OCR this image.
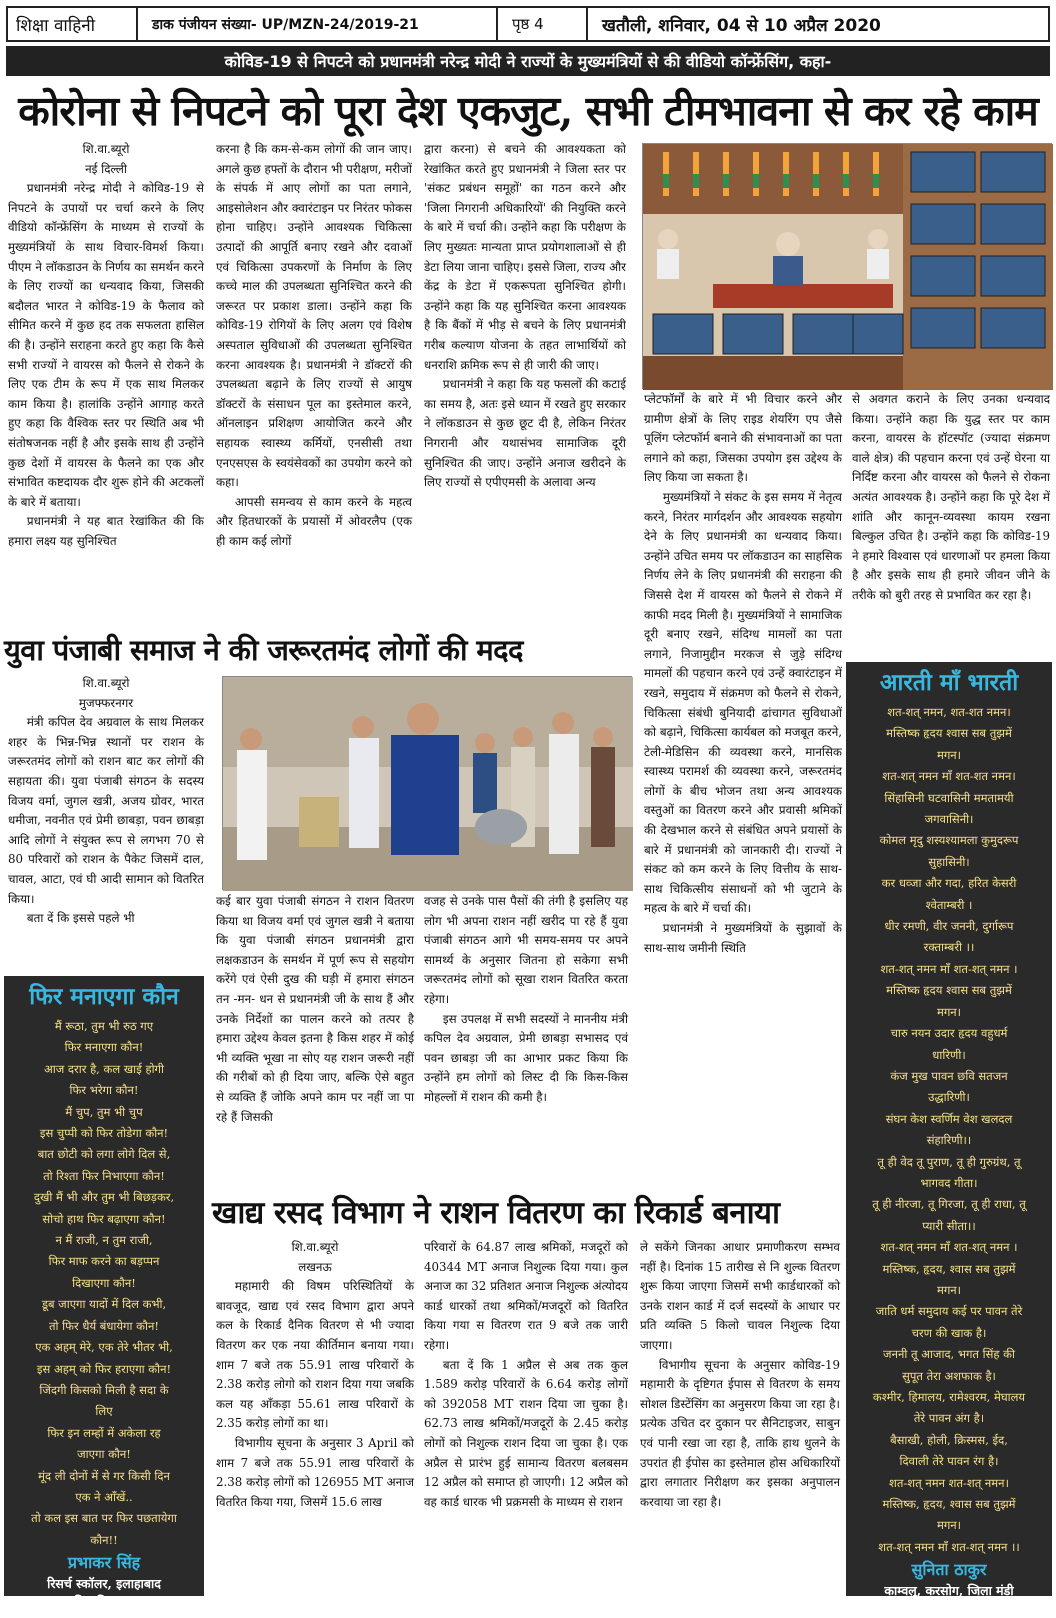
शिक्षा वाहिनी	डाक पंजीयन संख्या- UP/MZN-24/2019-21	पृष्ठ 4	खतौली, शनिवार, 04 से 10 अप्रैल 2020
कोविड-19 से निपटने को प्रधानमंत्री नरेन्द्र मोदी ने राज्यों के मुख्यमंत्रियों से की वीडियो कॉन्फ्रेंसिंग, कहा-
कोरोना से निपटने को पूरा देश एकजुट, सभी टीमभावना से कर रहे काम
शि.वा.ब्यूरो
नई दिल्ली

प्रधानमंत्री नरेन्द्र मोदी ने कोविड-19 से निपटने के उपायों पर चर्चा करने के लिए वीडियो कॉन्फ्रेंसिंग के माध्यम से राज्यों के मुख्यमंत्रियों के साथ विचार-विमर्श किया। पीएम ने लॉकडाउन के निर्णय का समर्थन करने के लिए राज्यों का धन्यवाद किया, जिसकी बदौलत भारत ने कोविड-19 के फैलाव को सीमित करने में कुछ हद तक सफलता हासिल की है। उन्होंने सराहना करते हुए कहा कि कैसे सभी राज्यों ने वायरस को फैलने से रोकने के लिए एक टीम के रूप में एक साथ मिलकर काम किया है। हालांकि उन्होंने आगाह करते हुए कहा कि वैश्विक स्तर पर स्थिति अब भी संतोषजनक नहीं है और इसके साथ ही उन्होंने कुछ देशों में वायरस के फैलने का एक और संभावित कष्टदायक दौर शुरू होने की अटकलों के बारे में बताया।

प्रधानमंत्री ने यह बात रेखांकित की कि हमारा लक्ष्य यह सुनिश्चित

करना है कि कम-से-कम लोगों की जान जाए। अगले कुछ हफ्तों के दौरान भी परीक्षण, मरीजों के संपर्क में आए लोगों का पता लगाने, आइसोलेशन और क्वारंटाइन पर निरंतर फोकस होना चाहिए। उन्होंने आवश्यक चिकित्सा उत्पादों की आपूर्ति बनाए रखने और दवाओं एवं चिकित्सा उपकरणों के निर्माण के लिए कच्चे माल की उपलब्धता सुनिश्चित करने की जरूरत पर प्रकाश डाला। उन्होंने कहा कि कोविड-19 रोगियों के लिए अलग एवं विशेष अस्पताल सुविधाओं की उपलब्धता सुनिश्चित करना आवश्यक है। प्रधानमंत्री ने डॉक्टरों की उपलब्धता बढ़ाने के लिए राज्यों से आयुष डॉक्टरों के संसाधन पूल का इस्तेमाल करने, ऑनलाइन प्रशिक्षण आयोजित करने और सहायक स्वास्थ्य कर्मियों, एनसीसी तथा एनएसएस के स्वयंसेवकों का उपयोग करने को कहा।

आपसी समन्वय से काम करने के महत्व और हितधारकों के प्रयासों में ओवरलैप (एक ही काम कई लोगों

द्वारा करना) से बचने की आवश्यकता को रेखांकित करते हुए प्रधानमंत्री ने जिला स्तर पर 'संकट प्रबंधन समूहों' का गठन करने और 'जिला निगरानी अधिकारियों' की नियुक्ति करने के बारे में चर्चा की। उन्होंने कहा कि परीक्षण के लिए मुख्यतः मान्यता प्राप्त प्रयोगशालाओं से ही डेटा लिया जाना चाहिए। इससे जिला, राज्य और केंद्र के डेटा में एकरूपता सुनिश्चित होगी। उन्होंने कहा कि यह सुनिश्चित करना आवश्यक है कि बैंकों में भीड़ से बचने के लिए प्रधानमंत्री गरीब कल्याण योजना के तहत लाभार्थियों को धनराशि क्रमिक रूप से ही जारी की जाए।

प्रधानमंत्री ने कहा कि यह फसलों की कटाई का समय है, अतः इसे ध्यान में रखते हुए सरकार ने लॉकडाउन से कुछ छूट दी है, लेकिन निरंतर निगरानी और यथासंभव सामाजिक दूरी सुनिश्चित की जाए। उन्होंने अनाज खरीदने के लिए राज्यों से एपीएमसी के अलावा अन्य

प्लेटफॉर्मों के बारे में भी विचार करने और ग्रामीण क्षेत्रों के लिए राइड शेयरिंग एप जैसे पूलिंग प्लेटफॉर्म बनाने की संभावनाओं का पता लगाने को कहा, जिसका उपयोग इस उद्देश्य के लिए किया जा सकता है।

मुख्यमंत्रियों ने संकट के इस समय में नेतृत्व करने, निरंतर मार्गदर्शन और आवश्यक सहयोग देने के लिए प्रधानमंत्री का धन्यवाद किया। उन्होंने उचित समय पर लॉकडाउन का साहसिक निर्णय लेने के लिए प्रधानमंत्री की सराहना की जिससे देश में वायरस को फैलने से रोकने में काफी मदद मिली है। मुख्यमंत्रियों ने सामाजिक दूरी बनाए रखने, संदिग्ध मामलों का पता लगाने, निजामुद्दीन मरकज से जुड़े संदिग्ध मामलों की पहचान करने एवं उन्हें क्वारंटाइन में रखने, समुदाय में संक्रमण को फैलने से रोकने, चिकित्सा संबंधी बुनियादी ढांचागत सुविधाओं को बढ़ाने, चिकित्सा कार्यबल को मजबूत करने, टेली-मेडिसिन की व्यवस्था करने, मानसिक स्वास्थ्य परामर्श की व्यवस्था करने, जरूरतमंद लोगों के बीच भोजन तथा अन्य आवश्यक वस्तुओं का वितरण करने और प्रवासी श्रमिकों की देखभाल करने से संबंधित अपने प्रयासों के बारे में प्रधानमंत्री को जानकारी दी। राज्यों ने संकट को कम करने के लिए वित्तीय के साथ-साथ चिकित्सीय संसाधनों को भी जुटाने के महत्व के बारे में चर्चा की।

प्रधानमंत्री ने मुख्यमंत्रियों के सुझावों के साथ-साथ जमीनी स्थिति

से अवगत कराने के लिए उनका धन्यवाद किया। उन्होंने कहा कि युद्ध स्तर पर काम करना, वायरस के हॉटस्पॉट (ज्यादा संक्रमण वाले क्षेत्र) की पहचान करना एवं उन्हें घेरना या निर्दिष्ट करना और वायरस को फैलने से रोकना अत्यंत आवश्यक है। उन्होंने कहा कि पूरे देश में शांति और कानून-व्यवस्था कायम रखना बिल्कुल उचित है। उन्होंने कहा कि कोविड-19 ने हमारे विश्वास एवं धारणाओं पर हमला किया है और इसके साथ ही हमारे जीवन जीने के तरीके को बुरी तरह से प्रभावित कर रहा है।

युवा पंजाबी समाज ने की जरूरतमंद लोगों की मदद
शि.वा.ब्यूरो
मुजफ्फरनगर

मंत्री कपिल देव अग्रवाल के साथ मिलकर शहर के भिन्न-भिन्न स्थानों पर राशन के जरूरतमंद लोगों को राशन बाट कर लोगों की सहायता की। युवा पंजाबी संगठन के सदस्य विजय वर्मा, जुगल खत्री, अजय ग्रोवर, भारत धमीजा, नवनीत एवं प्रेमी छाबड़ा, पवन छाबड़ा आदि लोगों ने संयुक्त रूप से लगभग 70 से 80 परिवारों को राशन के पैकेट जिसमें दाल, चावल, आटा, एवं घी आदी सामान को वितरित किया।

बता दें कि इससे पहले भी

कई बार युवा पंजाबी संगठन ने राशन वितरण किया था विजय वर्मा एवं जुगल खत्री ने बताया कि युवा पंजाबी संगठन प्रधानमंत्री द्वारा लक्षकडाउन के समर्थन में पूर्ण रूप से सहयोग करेंगे एवं ऐसी दुख की घड़ी में हमारा संगठन तन -मन- धन से प्रधानमंत्री जी के साथ हैं और उनके निर्देशों का पालन करने को तत्पर है हमारा उद्देश्य केवल इतना है किस शहर में कोई भी व्यक्ति भूखा ना सोए यह राशन जरूरी नहीं की गरीबों को ही दिया जाए, बल्कि ऐसे बहुत से व्यक्ति हैं जोकि अपने काम पर नहीं जा पा रहे हैं जिसकी

वजह से उनके पास पैसों की तंगी है इसलिए यह लोग भी अपना राशन नहीं खरीद पा रहे हैं युवा पंजाबी संगठन आगे भी समय-समय पर अपने सामर्थ्य के अनुसार जितना हो सकेगा सभी जरूरतमंद लोगों को सूखा राशन वितरित करता रहेगा।

इस उपलक्ष में सभी सदस्यों ने माननीय मंत्री कपिल देव अग्रवाल, प्रेमी छाबड़ा सभासद एवं पवन छाबड़ा जी का आभार प्रकट किया कि उन्होंने हम लोगों को लिस्ट दी कि किस-किस मोहल्लों में राशन की कमी है।

फिर मनाएगा कौन
मैं रूठा, तुम भी रुठ गए
फिर मनाएगा कौन!
आज दरार है, कल खाई होगी
फिर भरेगा कौन!
मैं चुप, तुम भी चुप
इस चुप्पी को फिर तोडेगा कौन!
बात छोटी को लगा लोगे दिल से,
तो रिश्ता फिर निभाएगा कौन!
दुखी मैं भी और तुम भी बिछड़कर,
सोचो हाथ फिर बढ़ाएगा कौन!
न मैं राजी, न तुम राजी,
फिर माफ करने का बड़प्पन
दिखाएगा कौन!
डूब जाएगा यादों में दिल कभी,
तो फिर धैर्य बंधायेगा कौन!
एक अहम् मेरे, एक तेरे भीतर भी,
इस अहम् को फिर हराएगा कौन!
जिंदगी किसको मिली है सदा के
लिए
फिर इन लम्हों में अकेला रह
जाएगा कौन!
मूंद ली दोनों में से गर किसी दिन
एक ने आँखें..
तो कल इस बात पर फिर पछतायेगा
कौन!!
प्रभाकर सिंह
रिसर्च स्कॉलर, इलाहाबाद
विश्वविद्यालय
खाद्य रसद विभाग ने राशन वितरण का रिकार्ड बनाया
शि.वा.ब्यूरो
लखनऊ

महामारी की विषम परिस्थितियों के बावजूद, खाद्य एवं रसद विभाग द्वारा अपने कल के रिकार्ड दैनिक वितरण से भी ज्यादा वितरण कर एक नया कीर्तिमान बनाया गया। शाम 7 बजे तक 55.91 लाख परिवारों के 2.38 करोड़ लोगो को राशन दिया गया जबकि कल यह आँकड़ा 55.61 लाख परिवारों के 2.35 करोड़ लोगों का था।

विभागीय सूचना के अनुसार 3 April को शाम 7 बजे तक 55.91 लाख परिवारों के 2.38 करोड़ लोगों को 126955 MT अनाज वितरित किया गया, जिसमें 15.6 लाख

परिवारों के 64.87 लाख श्रमिकों, मजदूरों को 40344 MT अनाज निशुल्क दिया गया। कुल अनाज का 32 प्रतिशत अनाज निशुल्क अंत्योदय कार्ड धारकों तथा श्रमिकों/मजदूरों को वितरित किया गया स वितरण रात 9 बजे तक जारी रहेगा।

बता दें कि 1 अप्रैल से अब तक कुल 1.589 करोड़ परिवारों के 6.64 करोड़ लोगों को 392058 MT राशन दिया जा चुका है। 62.73 लाख श्रमिकों/मजदूरों के 2.45 करोड़ लोगों को निशुल्क राशन दिया जा चुका है। एक अप्रैल से प्रारंभ हुई सामान्य वितरण बलबसम 12 अप्रैल को समाप्त हो जाएगी। 12 अप्रैल को वह कार्ड धारक भी प्रक्रमसी के माध्यम से राशन

ले सकेंगे जिनका आधार प्रमाणीकरण सम्भव नहीं है। दिनांक 15 तारीख से नि शुल्क वितरण शुरू किया जाएगा जिसमें सभी कार्डधारकों को उनके राशन कार्ड में दर्ज सदस्यों के आधार पर प्रति व्यक्ति 5 किलो चावल निशुल्क दिया जाएगा।

विभागीय सूचना के अनुसार कोविड-19 महामारी के दृष्टिगत ईपास से वितरण के समय सोशल डिस्टेंसिंग का अनुसरण किया जा रहा है। प्रत्येक उचित दर दुकान पर सैनिटाइजर, साबुन एवं पानी रखा जा रहा है, ताकि हाथ धुलने के उपरांत ही ईपोस का इस्तेमाल होस अधिकारियों द्वारा लगातार निरीक्षण कर इसका अनुपालन करवाया जा रहा है।

आरती माँ भारती
शत-शत् नमन, शत-शत नमन।
मस्तिष्क हृदय श्वास सब तुझमें
मगन।
शत-शत् नमन माँ शत-शत नमन।
सिंहासिनी घटवासिनी ममतामयी
जगवासिनी।
कोमल मृदु शस्यश्यामला कुमुदरूप
सुहासिनी।
कर धव्जा और गदा, हरित केसरी
श्वेताम्बरी ।
धीर रमणी, वीर जननी, दुर्गारूप
रक्ताम्बरी ।।
शत-शत् नमन माँ शत-शत् नमन ।
मस्तिष्क हृदय श्वास सब तुझमें
मगन।
चारु नयन उदार हृदय वहुधर्म
धारिणी।
कंज मुख पावन छवि सतजन
उद्धारिणी।
संघन केश स्वर्णिम वेश खलदल
संहारिणी।।
तू ही वेद तू पुराण, तू ही गुरुग्रंथ, तू
भागवद गीता।
तू ही नीरजा, तू गिरजा, तू ही राधा, तू
प्यारी सीता।।
शत-शत् नमन माँ शत-शत् नमन ।
मस्तिष्क, हृदय, श्वास सब तुझमें
मगन।
जाति धर्म समुदाय कई पर पावन तेरे
चरण की खाक है।
जननी तू आजाद, भगत सिंह की
सुपूत तेरा अशफाक है।
कश्मीर, हिमालय, रामेश्वरम, मेघालय
तेरे पावन अंग है।
बैसाखी, होली, क्रिस्मस, ईद,
दिवाली तेरे पावन रंग है।
शत-शत् नमन शत-शत् नमन।
मस्तिष्क, हृदय, श्वास सब तुझमें
मगन।
शत-शत् नमन माँ शत-शत् नमन ।।
सुनिता ठाकुर
काम्वलु, करसोग, जिला मंडी
हिमाचल प्रदेश
